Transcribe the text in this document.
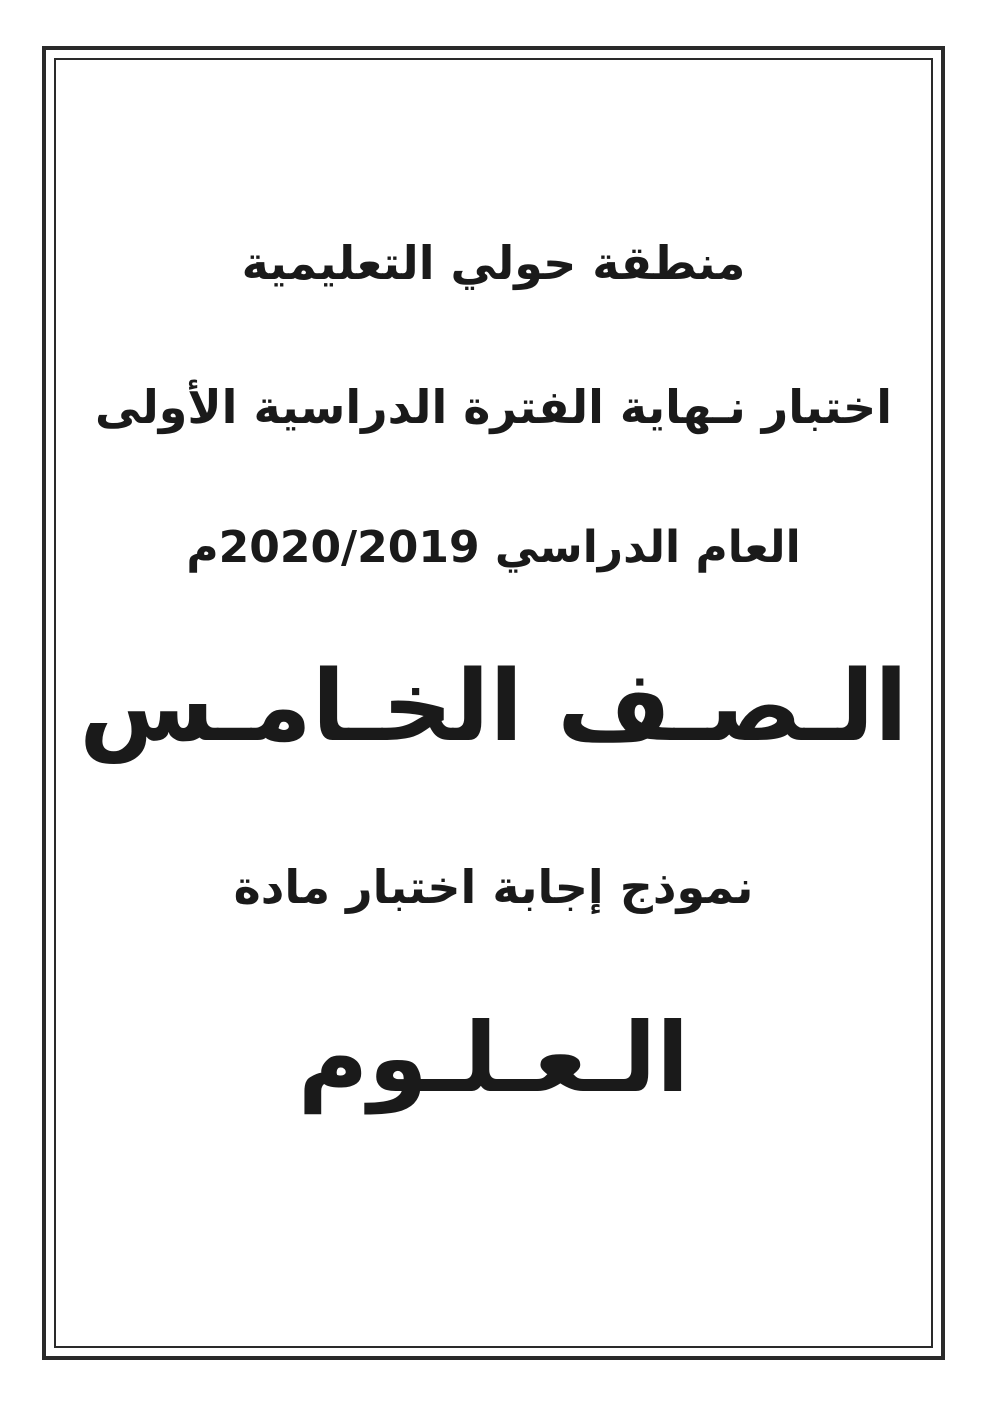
منطقة حولي التعليمية
اختبار نـهاية الفترة الدراسية الأولى
العام الدراسي 2020/2019م
الـصـف الخـامـس
نموذج إجابة اختبار مادة
الـعـلـوم
